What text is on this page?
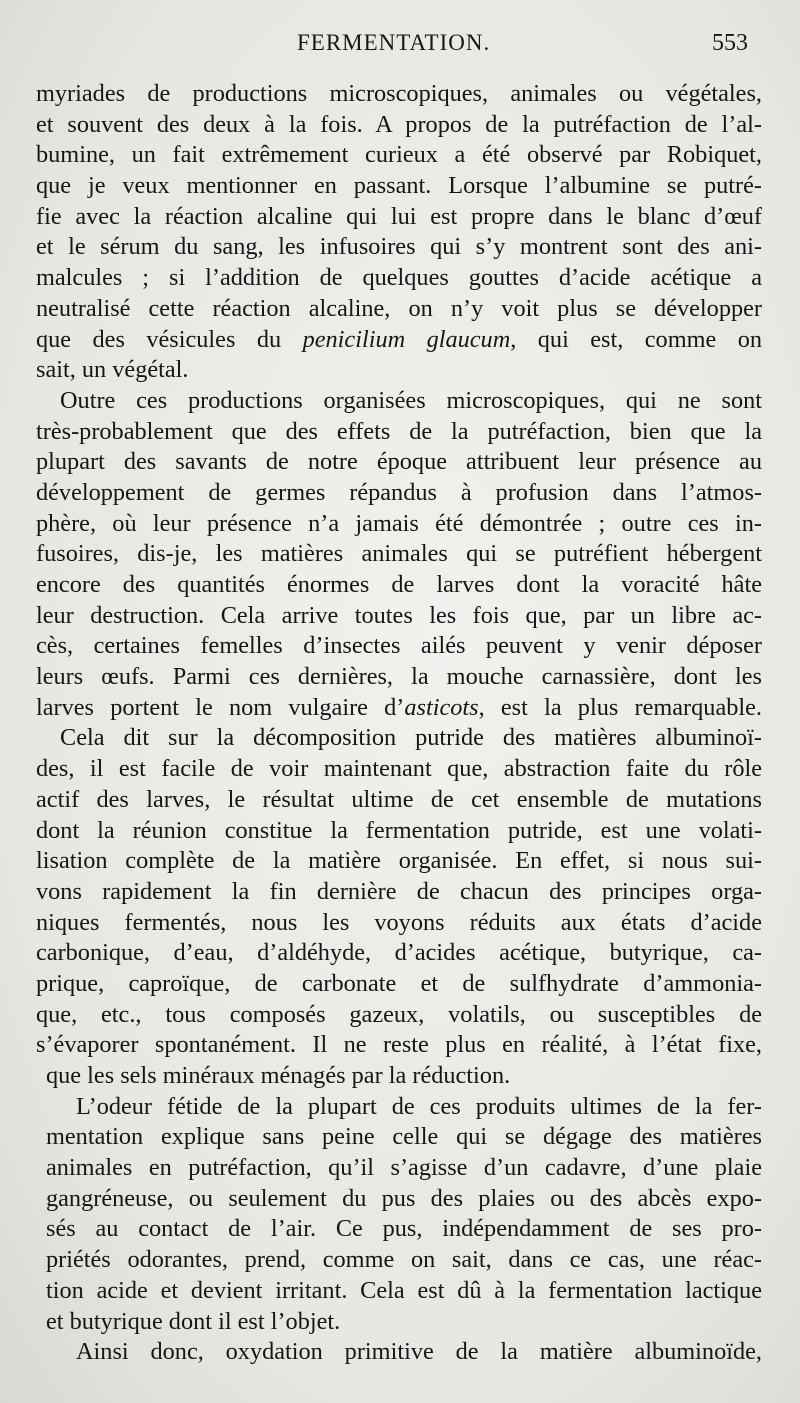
FERMENTATION.	553
myriades de productions microscopiques, animales ou végétales,
et souvent des deux à la fois. A propos de la putréfaction de l’al-
bumine, un fait extrêmement curieux a été observé par Robiquet,
que je veux mentionner en passant. Lorsque l’albumine se putré-
fie avec la réaction alcaline qui lui est propre dans le blanc d’œuf
et le sérum du sang, les infusoires qui s’y montrent sont des ani-
malcules ; si l’addition de quelques gouttes d’acide acétique a
neutralisé cette réaction alcaline, on n’y voit plus se développer
que des vésicules du penicilium glaucum, qui est, comme on
sait, un végétal.
Outre ces productions organisées microscopiques, qui ne sont
très-probablement que des effets de la putréfaction, bien que la
plupart des savants de notre époque attribuent leur présence au
développement de germes répandus à profusion dans l’atmos-
phère, où leur présence n’a jamais été démontrée ; outre ces in-
fusoires, dis-je, les matières animales qui se putréfient hébergent
encore des quantités énormes de larves dont la voracité hâte
leur destruction. Cela arrive toutes les fois que, par un libre ac-
cès, certaines femelles d’insectes ailés peuvent y venir déposer
leurs œufs. Parmi ces dernières, la mouche carnassière, dont les
larves portent le nom vulgaire d’asticots, est la plus remarquable.
Cela dit sur la décomposition putride des matières albuminoï-
des, il est facile de voir maintenant que, abstraction faite du rôle
actif des larves, le résultat ultime de cet ensemble de mutations
dont la réunion constitue la fermentation putride, est une volati-
lisation complète de la matière organisée. En effet, si nous sui-
vons rapidement la fin dernière de chacun des principes orga-
niques fermentés, nous les voyons réduits aux états d’acide
carbonique, d’eau, d’aldéhyde, d’acides acétique, butyrique, ca-
prique, caproïque, de carbonate et de sulfhydrate d’ammonia-
que, etc., tous composés gazeux, volatils, ou susceptibles de
s’évaporer spontanément. Il ne reste plus en réalité, à l’état fixe,
que les sels minéraux ménagés par la réduction.
L’odeur fétide de la plupart de ces produits ultimes de la fer-
mentation explique sans peine celle qui se dégage des matières
animales en putréfaction, qu’il s’agisse d’un cadavre, d’une plaie
gangréneuse, ou seulement du pus des plaies ou des abcès expo-
sés au contact de l’air. Ce pus, indépendamment de ses pro-
priétés odorantes, prend, comme on sait, dans ce cas, une réac-
tion acide et devient irritant. Cela est dû à la fermentation lactique
et butyrique dont il est l’objet.
Ainsi donc, oxydation primitive de la matière albuminoïde,
